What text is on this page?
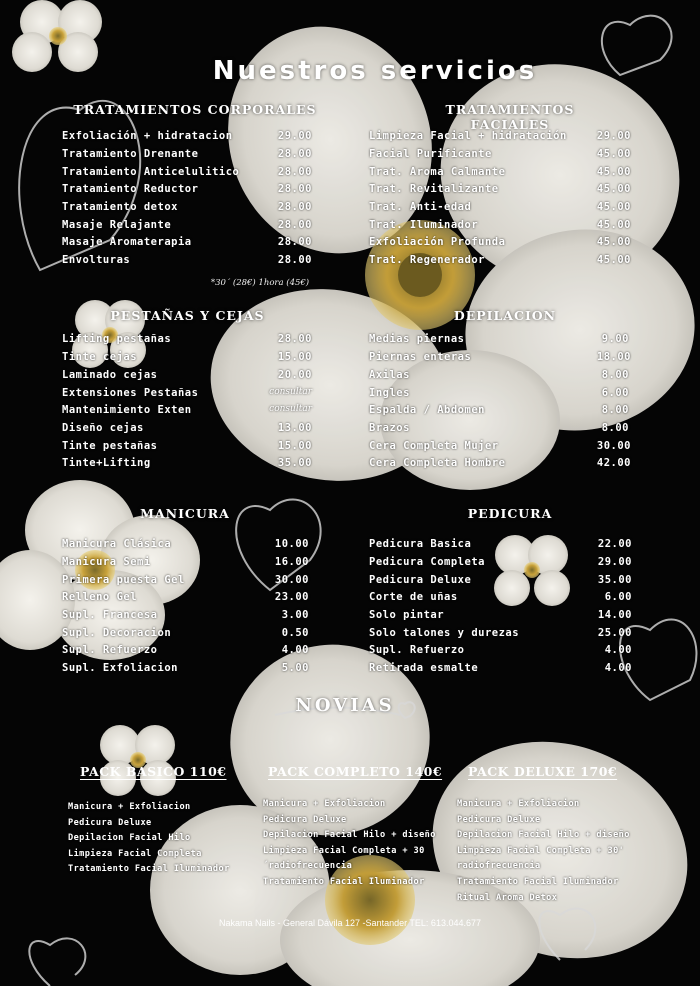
Nuestros servicios
TRATAMIENTOS CORPORALES
Exfoliación + hidratacion	29.00
Tratamiento Drenante	28.00
Tratamiento Anticelulitico	28.00
Tratamiento Reductor	28.00
Tratamiento detox	28.00
Masaje Relajante	28.00
Masaje Aromaterapia	28.00
Envolturas	28.00
*30´ (28€) 1hora (45€)
TRATAMIENTOS FACIALES
Limpieza Facial + hidratación	29.00
Facial Purificante	45.00
Trat. Aroma Calmante	45.00
Trat. Revitalizante	45.00
Trat. Anti-edad	45.00
Trat. Iluminador	45.00
Exfoliación Profunda	45.00
Trat. Regenerador	45.00
PESTAÑAS Y CEJAS
Lifting pestañas	28.00
Tinte cejas	15.00
Laminado cejas	20.00
Extensiones Pestañas	consultar
Mantenimiento Exten	consultar
Diseño cejas	13.00
Tinte pestañas	15.00
Tinte+Lifting	35.00
DEPILACION
Medias piernas	9.00
Piernas enteras	18.00
Axilas	8.00
Ingles	6.00
Espalda / Abdomen	8.00
Brazos	8.00
Cera Completa Mujer	30.00
Cera Completa Hombre	42.00
MANICURA
Manicura Clásica	10.00
Manicura Semi	16.00
Primera puesta Gel	30.00
Relleno Gel	23.00
Supl. Francesa	3.00
Supl. Decoracion	0.50
Supl. Refuerzo	4.00
Supl. Exfoliacion	5.00
PEDICURA
Pedicura Basica	22.00
Pedicura Completa	29.00
Pedicura Deluxe	35.00
Corte de uñas	6.00
Solo pintar	14.00
Solo talones y durezas	25.00
Supl. Refuerzo	4.00
Retirada esmalte	4.00
NOVIAS
PACK BASICO 110€
Manicura + Exfoliacion
Pedicura Deluxe
Depilacion Facial Hilo
Limpieza Facial Completa
Tratamiento Facial Iluminador
PACK COMPLETO 140€
Manicura + Exfoliacion
Pedicura Deluxe
Depilacion Facial Hilo + diseño
Limpieza Facial Completa + 30
´radiofrecuencia
Tratamiento Facial Iluminador
PACK DELUXE 170€
Manicura + Exfoliacion
Pedicura Deluxe
Depilacion Facial Hilo + diseño
Limpieza Facial Completa + 30'
radiofrecuencia
Tratamiento Facial Iluminador
Ritual Aroma Detox
Nakama Nails - General Dávila 127 -Santander TEL: 613.044.677
